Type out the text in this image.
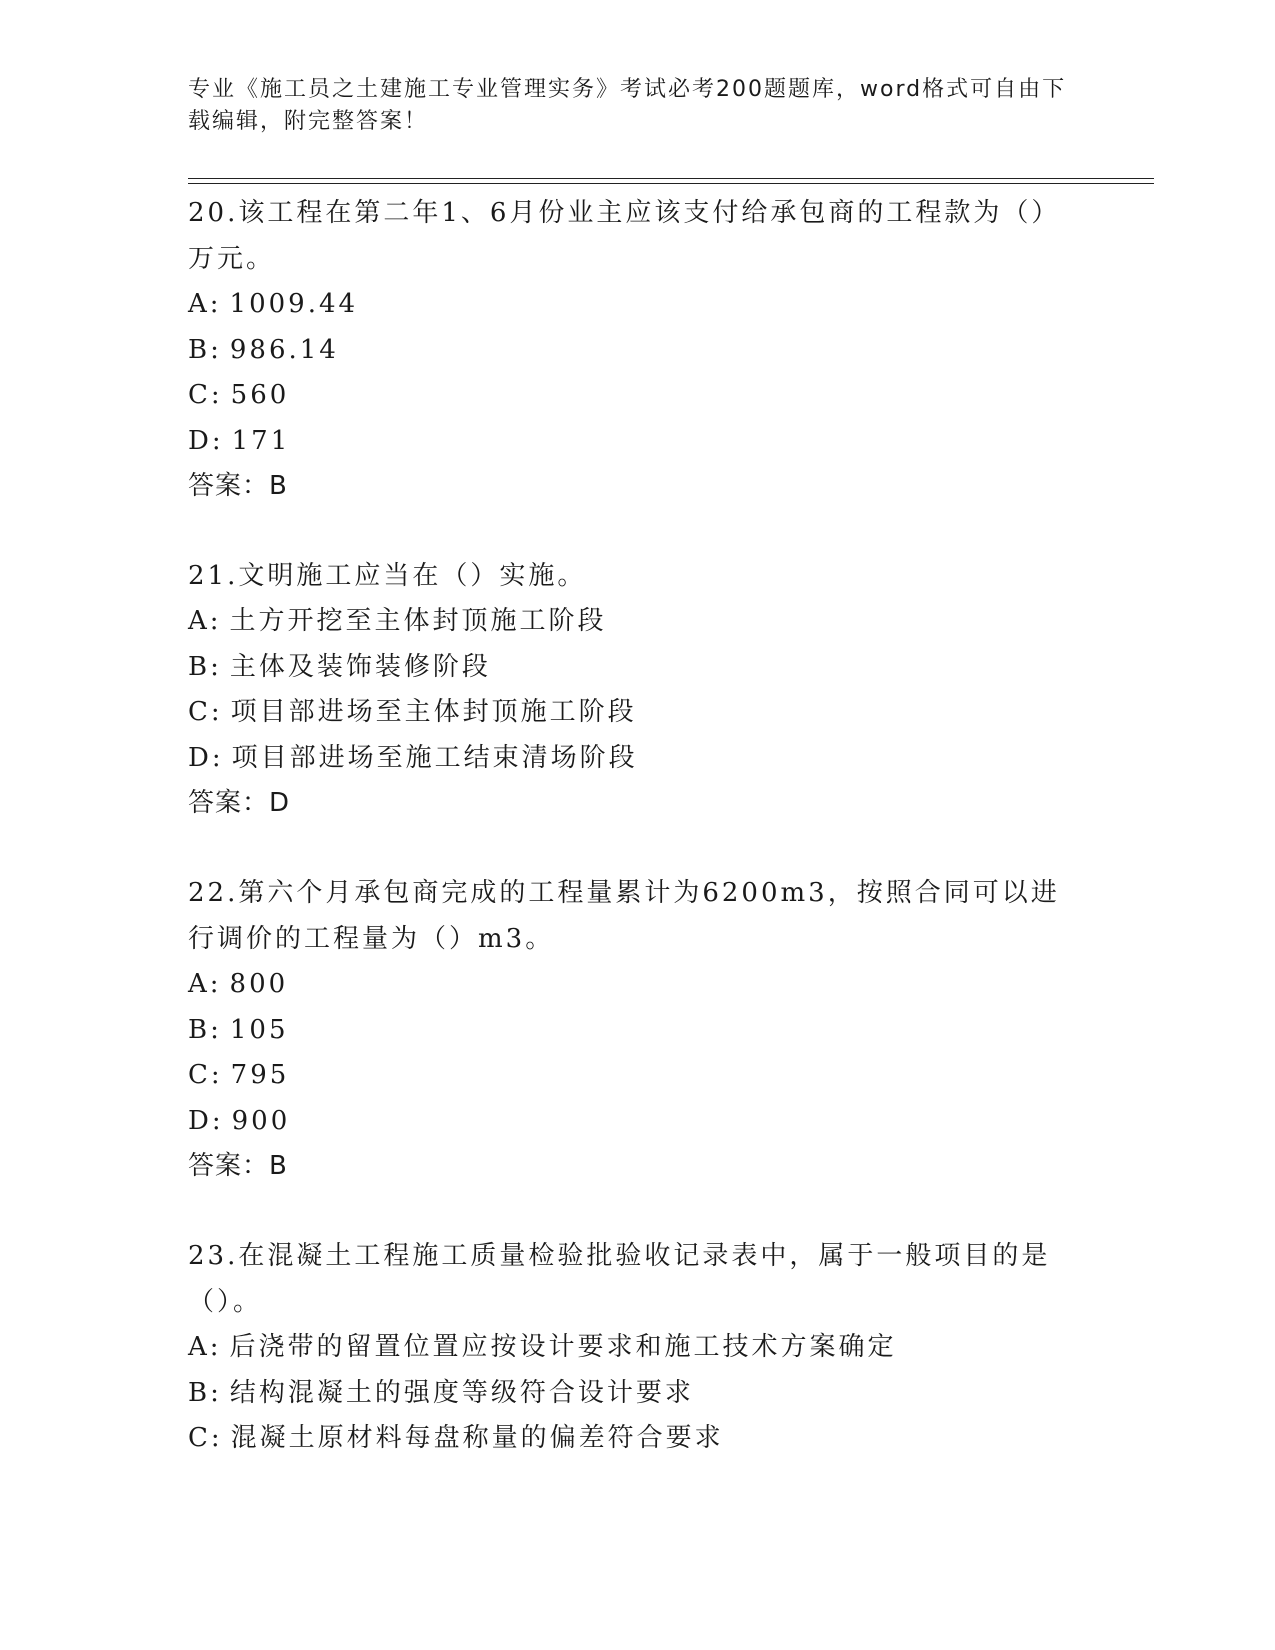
专业《施工员之土建施工专业管理实务》考试必考200题题库，word格式可自由下载编辑，附完整答案！

20.该工程在第二年1、6月份业主应该支付给承包商的工程款为（）万元。

A: 1009.44
B: 986.14
C: 560
D: 171
答案：B

21.文明施工应当在（）实施。

A: 土方开挖至主体封顶施工阶段
B: 主体及装饰装修阶段
C: 项目部进场至主体封顶施工阶段
D: 项目部进场至施工结束清场阶段
答案：D

22.第六个月承包商完成的工程量累计为6200m3，按照合同可以进行调价的工程量为（）m3。

A: 800
B: 105
C: 795
D: 900
答案：B

23.在混凝土工程施工质量检验批验收记录表中，属于一般项目的是（）。

A: 后浇带的留置位置应按设计要求和施工技术方案确定
B: 结构混凝土的强度等级符合设计要求
C: 混凝土原材料每盘称量的偏差符合要求
